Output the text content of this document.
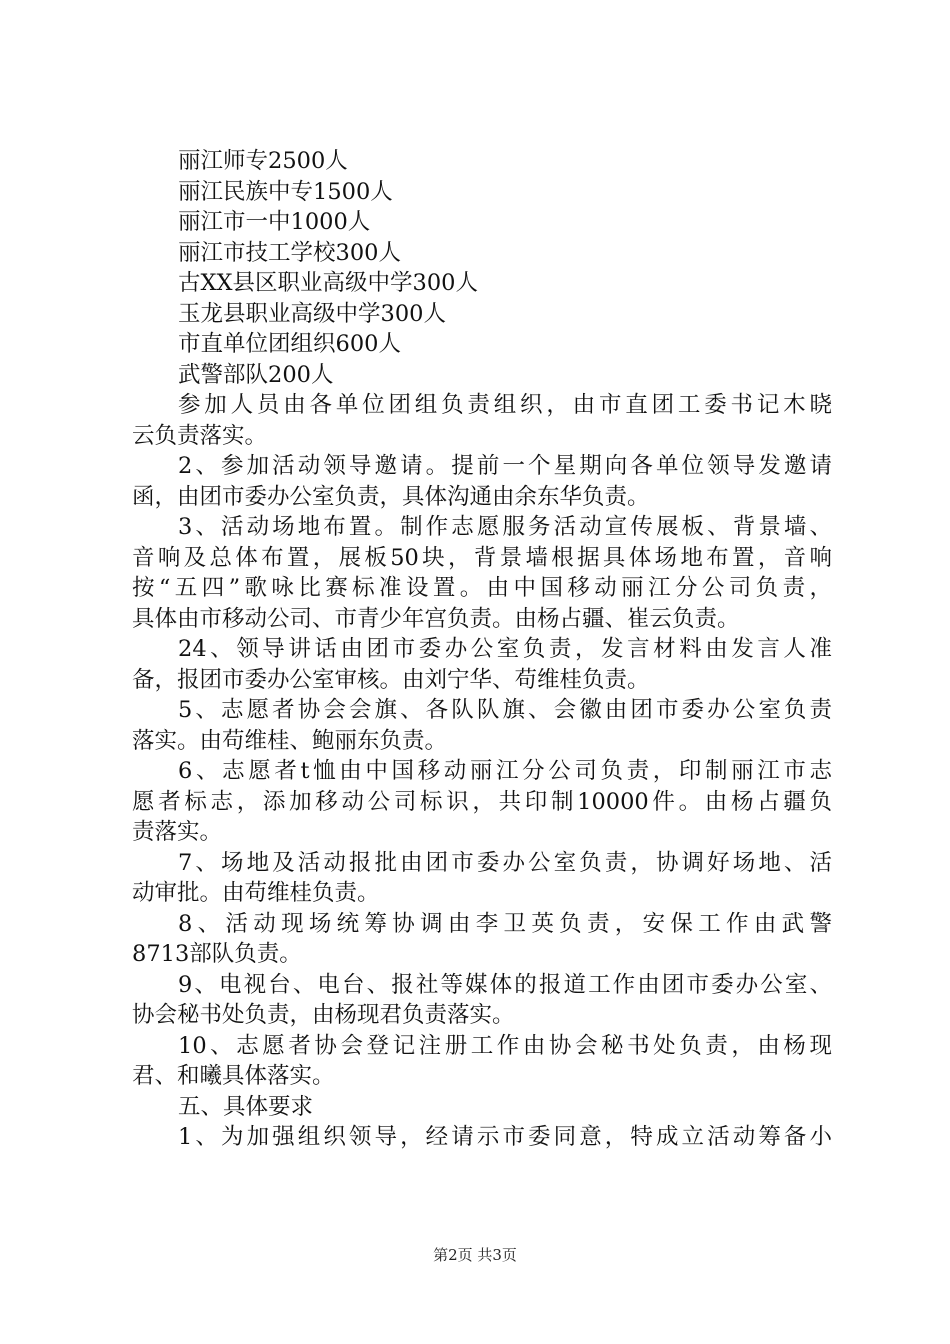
丽江师专2500人
丽江民族中专1500人
丽江市一中1000人
丽江市技工学校300人
古XX县区职业高级中学300人
玉龙县职业高级中学300人
市直单位团组织600人
武警部队200人
参加人员由各单位团组负责组织，由市直团工委书记木晓
云负责落实。
2、参加活动领导邀请。提前一个星期向各单位领导发邀请
函，由团市委办公室负责，具体沟通由余东华负责。
3、活动场地布置。制作志愿服务活动宣传展板、背景墙、
音响及总体布置，展板50块，背景墙根据具体场地布置，音响
按“五四”歌咏比赛标准设置。由中国移动丽江分公司负责，
具体由市移动公司、市青少年宫负责。由杨占疆、崔云负责。
24、领导讲话由团市委办公室负责，发言材料由发言人准
备，报团市委办公室审核。由刘宁华、苟维桂负责。
5、志愿者协会会旗、各队队旗、会徽由团市委办公室负责
落实。由苟维桂、鲍丽东负责。
6、志愿者t恤由中国移动丽江分公司负责，印制丽江市志
愿者标志，添加移动公司标识，共印制10000件。由杨占疆负
责落实。
7、场地及活动报批由团市委办公室负责，协调好场地、活
动审批。由苟维桂负责。
8、活动现场统筹协调由李卫英负责，安保工作由武警
8713部队负责。
9、电视台、电台、报社等媒体的报道工作由团市委办公室、
协会秘书处负责，由杨现君负责落实。
10、志愿者协会登记注册工作由协会秘书处负责，由杨现
君、和曦具体落实。
五、具体要求
1、为加强组织领导，经请示市委同意，特成立活动筹备小
第2页 共3页
